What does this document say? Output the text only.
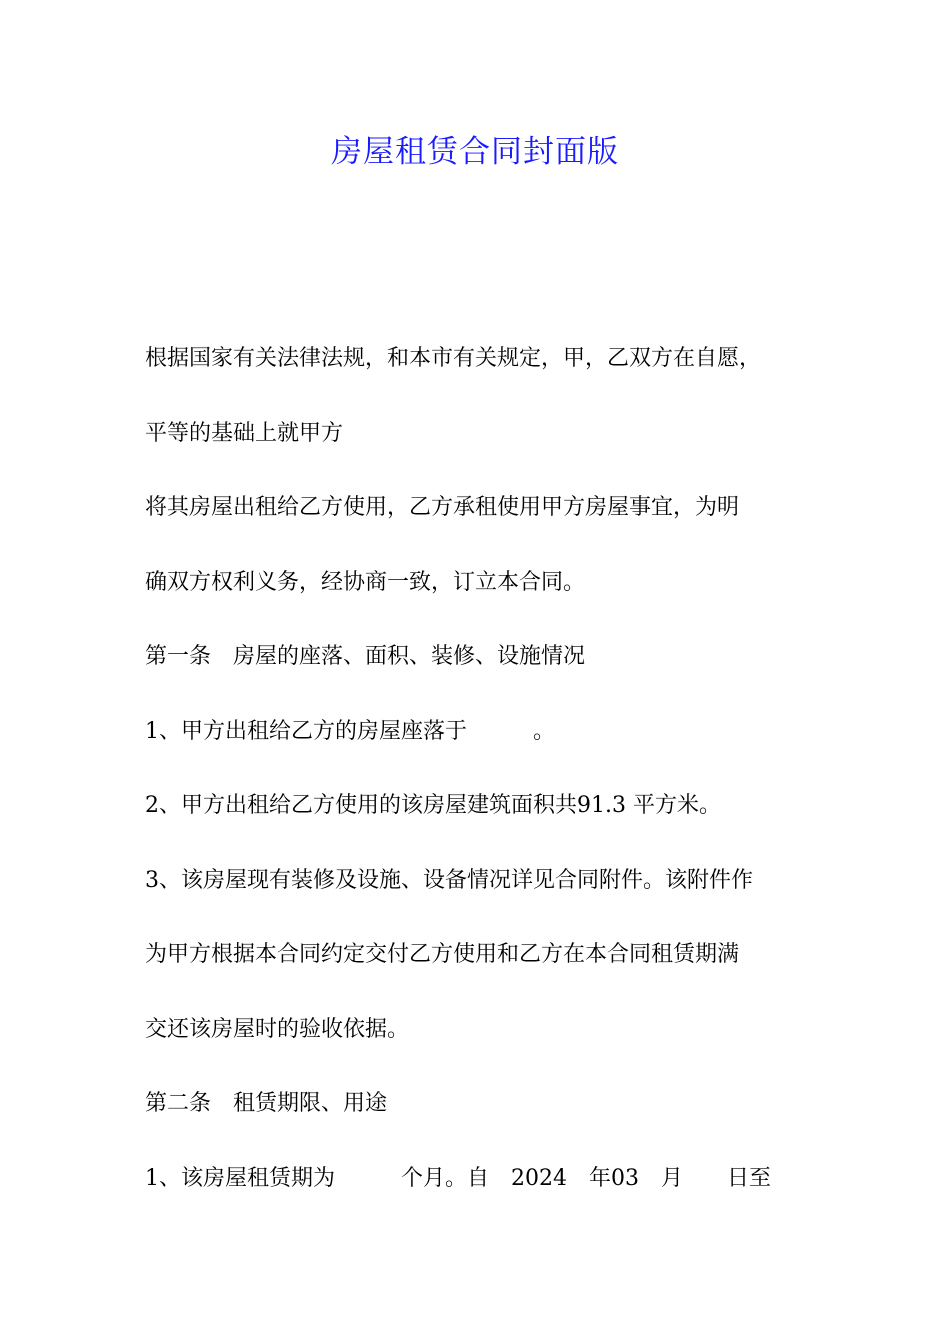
房屋租赁合同封面版
根据国家有关法律法规，和本市有关规定，甲，乙双方在自愿，
平等的基础上就甲方
将其房屋出租给乙方使用，乙方承租使用甲方房屋事宜，为明
确双方权利义务，经协商一致，订立本合同。
第一条　房屋的座落、面积、装修、设施情况
1、甲方出租给乙方的房屋座落于　　　。
2、甲方出租给乙方使用的该房屋建筑面积共91.3 平方米。
3、该房屋现有装修及设施、设备情况详见合同附件。该附件作
为甲方根据本合同约定交付乙方使用和乙方在本合同租赁期满
交还该房屋时的验收依据。
第二条　租赁期限、用途
1、该房屋租赁期为　　　个月。自　2024　年03　月　　日至
